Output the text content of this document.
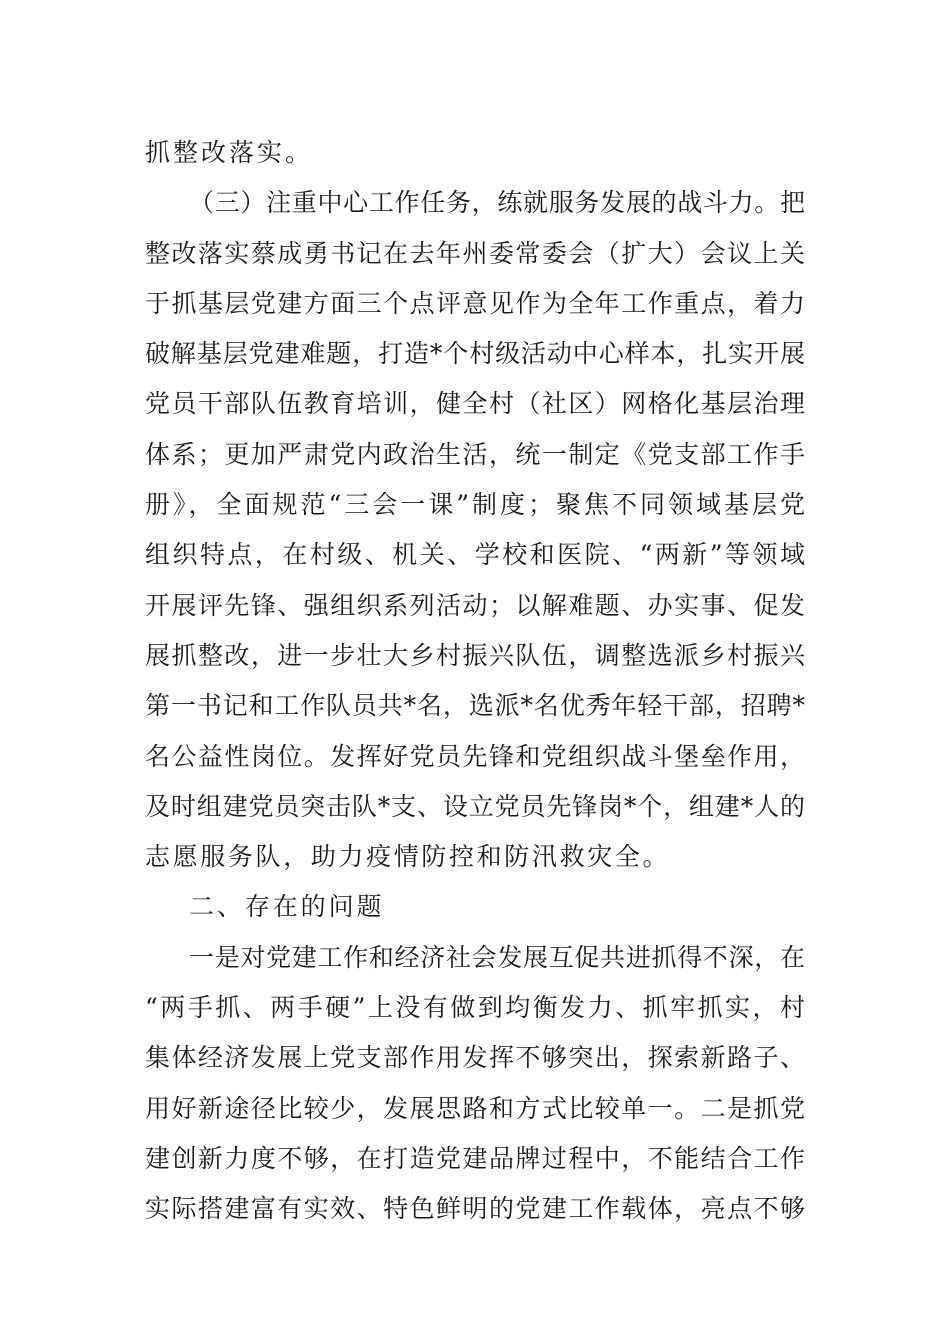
抓整改落实。
（三）注重中心工作任务，练就服务发展的战斗力。把
整改落实蔡成勇书记在去年州委常委会（扩大）会议上关
于抓基层党建方面三个点评意见作为全年工作重点，着力
破解基层党建难题，打造*个村级活动中心样本，扎实开展
党员干部队伍教育培训，健全村（社区）网格化基层治理
体系；更加严肃党内政治生活，统一制定《党支部工作手
册》，全面规范“三会一课”制度；聚焦不同领域基层党
组织特点，在村级、机关、学校和医院、“两新”等领域
开展评先锋、强组织系列活动；以解难题、办实事、促发
展抓整改，进一步壮大乡村振兴队伍，调整选派乡村振兴
第一书记和工作队员共*名，选派*名优秀年轻干部，招聘*
名公益性岗位。发挥好党员先锋和党组织战斗堡垒作用，
及时组建党员突击队*支、设立党员先锋岗*个，组建*人的
志愿服务队，助力疫情防控和防汛救灾全。
二、存在的问题
一是对党建工作和经济社会发展互促共进抓得不深，在
“两手抓、两手硬”上没有做到均衡发力、抓牢抓实，村
集体经济发展上党支部作用发挥不够突出，探索新路子、
用好新途径比较少，发展思路和方式比较单一。二是抓党
建创新力度不够，在打造党建品牌过程中，不能结合工作
实际搭建富有实效、特色鲜明的党建工作载体，亮点不够
